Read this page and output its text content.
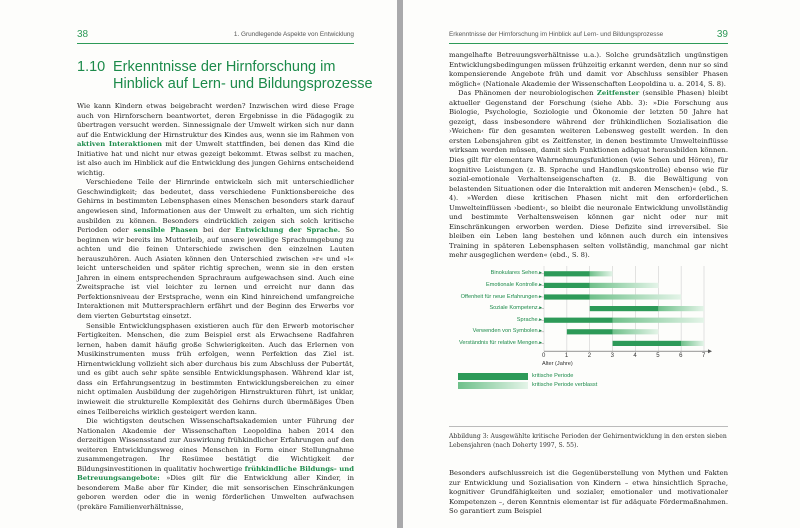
38	1. Grundlegende Aspekte von Entwicklung
1.10 Erkenntnisse der Hirnforschung im Hinblick auf Lern- und Bildungsprozesse

Wie kann Kindern etwas beigebracht werden? Inzwischen wird diese Frage auch von Hirnforschern beantwortet, deren Ergebnisse in die Pädagogik zu übertragen versucht werden. Sinnessignale der Umwelt wirken sich nur dann auf die Entwicklung der Hirnstruktur des Kindes aus, wenn sie im Rahmen von aktiven Interaktionen mit der Umwelt stattfinden, bei denen das Kind die Initiative hat und nicht nur etwas gezeigt bekommt. Etwas selbst zu machen, ist also auch im Hinblick auf die Entwicklung des jungen Gehirns entscheidend wichtig.

Verschiedene Teile der Hirnrinde entwickeln sich mit unterschiedlicher Geschwindigkeit; das bedeutet, dass verschiedene Funktionsbereiche des Gehirns in bestimmten Lebensphasen eines Menschen besonders stark darauf angewiesen sind, Informationen aus der Umwelt zu erhalten, um sich richtig ausbilden zu können. Besonders eindrücklich zeigen sich solch kritische Perioden oder sensible Phasen bei der Entwicklung der Sprache. So beginnen wir bereits im Mutterleib, auf unsere jeweilige Sprachumgebung zu achten und die feinen Unterschiede zwischen den einzelnen Lauten herauszuhören. Auch Asiaten können den Unterschied zwischen »r« und »l« leicht unterscheiden und später richtig sprechen, wenn sie in den ersten Jahren in einem entsprechenden Sprachraum aufgewachsen sind. Auch eine Zweitsprache ist viel leichter zu lernen und erreicht nur dann das Perfektionsniveau der Erstsprache, wenn ein Kind hinreichend umfangreiche Interaktionen mit Muttersprachlern erfährt und der Beginn des Erwerbs vor dem vierten Geburtstag einsetzt.

Sensible Entwicklungsphasen existieren auch für den Erwerb motorischer Fertigkeiten. Menschen, die zum Beispiel erst als Erwachsene Radfahren lernen, haben damit häufig große Schwierigkeiten. Auch das Erlernen von Musikinstrumenten muss früh erfolgen, wenn Perfektion das Ziel ist. Hirnentwicklung vollzieht sich aber durchaus bis zum Abschluss der Pubertät, und es gibt auch sehr späte sensible Entwicklungsphasen. Während klar ist, dass ein Erfahrungsentzug in bestimmten Entwicklungsbereichen zu einer nicht optimalen Ausbildung der zugehörigen Hirnstrukturen führt, ist unklar, inwieweit die strukturelle Komplexität des Gehirns durch übermäßiges Üben eines Teilbereichs wirklich gesteigert werden kann.

Die wichtigsten deutschen Wissenschaftsakademien unter Führung der Nationalen Akademie der Wissenschaften Leopoldina haben 2014 den derzeitigen Wissensstand zur Auswirkung frühkindlicher Erfahrungen auf den weiteren Entwicklungsweg eines Menschen in Form einer Stellungnahme zusammengetragen. Ihr Resümee bestätigt die Wichtigkeit der Bildungsinvestitionen in qualitativ hochwertige frühkindliche Bildungs- und Betreuungsangebote: »Dies gilt für die Entwicklung aller Kinder, in besonderem Maße aber für Kinder, die mit sensorischen Einschränkungen geboren werden oder die in wenig förderlichen Umwelten aufwachsen (prekäre Familienverhältnisse,

Erkenntnisse der Hirnforschung im Hinblick auf Lern- und Bildungsprozesse	39

mangelhafte Betreuungsverhältnisse u.a.). Solche grundsätzlich ungünstigen Entwicklungsbedingungen müssen frühzeitig erkannt werden, denn nur so sind kompensierende Angebote früh und damit vor Abschluss sensibler Phasen möglich« (Nationale Akademie der Wissenschaften Leopoldina u. a. 2014, S. 8).

Das Phänomen der neurobiologischen Zeitfenster (sensible Phasen) bleibt aktueller Gegenstand der Forschung (siehe Abb. 3): »Die Forschung aus Biologie, Psychologie, Soziologie und Ökonomie der letzten 50 Jahre hat gezeigt, dass insbesondere während der frühkindlichen Sozialisation die ›Weichen‹ für den gesamten weiteren Lebensweg gestellt werden. In den ersten Lebensjahren gibt es Zeitfenster, in denen bestimmte Umwelteinflüsse wirksam werden müssen, damit sich Funktionen adäquat herausbilden können. Dies gilt für elementare Wahrnehmungsfunktionen (wie Sehen und Hören), für kognitive Leistungen (z. B. Sprache und Handlungskontrolle) ebenso wie für sozial-emotionale Verhaltenseigenschaften (z. B. die Bewältigung von belastenden Situationen oder die Interaktion mit anderen Menschen)« (ebd., S. 4). »Werden diese kritischen Phasen nicht mit den erforderlichen Umwelteinflüssen ›bedient‹, so bleibt die neuronale Entwicklung unvollständig und bestimmte Verhaltensweisen können gar nicht oder nur mit Einschränkungen erworben werden. Diese Defizite sind irreversibel. Sie bleiben ein Leben lang bestehen und können auch durch ein intensives Training in späteren Lebensphasen selten vollständig, manchmal gar nicht mehr ausgeglichen werden« (ebd., S. 8).

Binokulares Sehen ▸
Emotionale Kontrolle ▸
Offenheit für neue Erfahrungen ▸
Soziale Kompetenz ▸
Sprache ▸
Verwenden von Symbolen ▸
Verständnis für relative Mengen ▸
0	1	2	3	4	5	6	7
Alter (Jahre)
kritische Periode
kritische Periode verblasst
Abbildung 3: Ausgewählte kritische Perioden der Gehirnentwicklung in den ersten sieben Lebensjahren (nach Doherty 1997, S. 55).

Besonders aufschlussreich ist die Gegenüberstellung von Mythen und Fakten zur Entwicklung und Sozialisation von Kindern – etwa hinsichtlich Sprache, kognitiver Grundfähigkeiten und sozialer, emotionaler und motivationaler Kompetenzen –, deren Kenntnis elementar ist für adäquate Fördermaßnahmen. So garantiert zum Beispiel
